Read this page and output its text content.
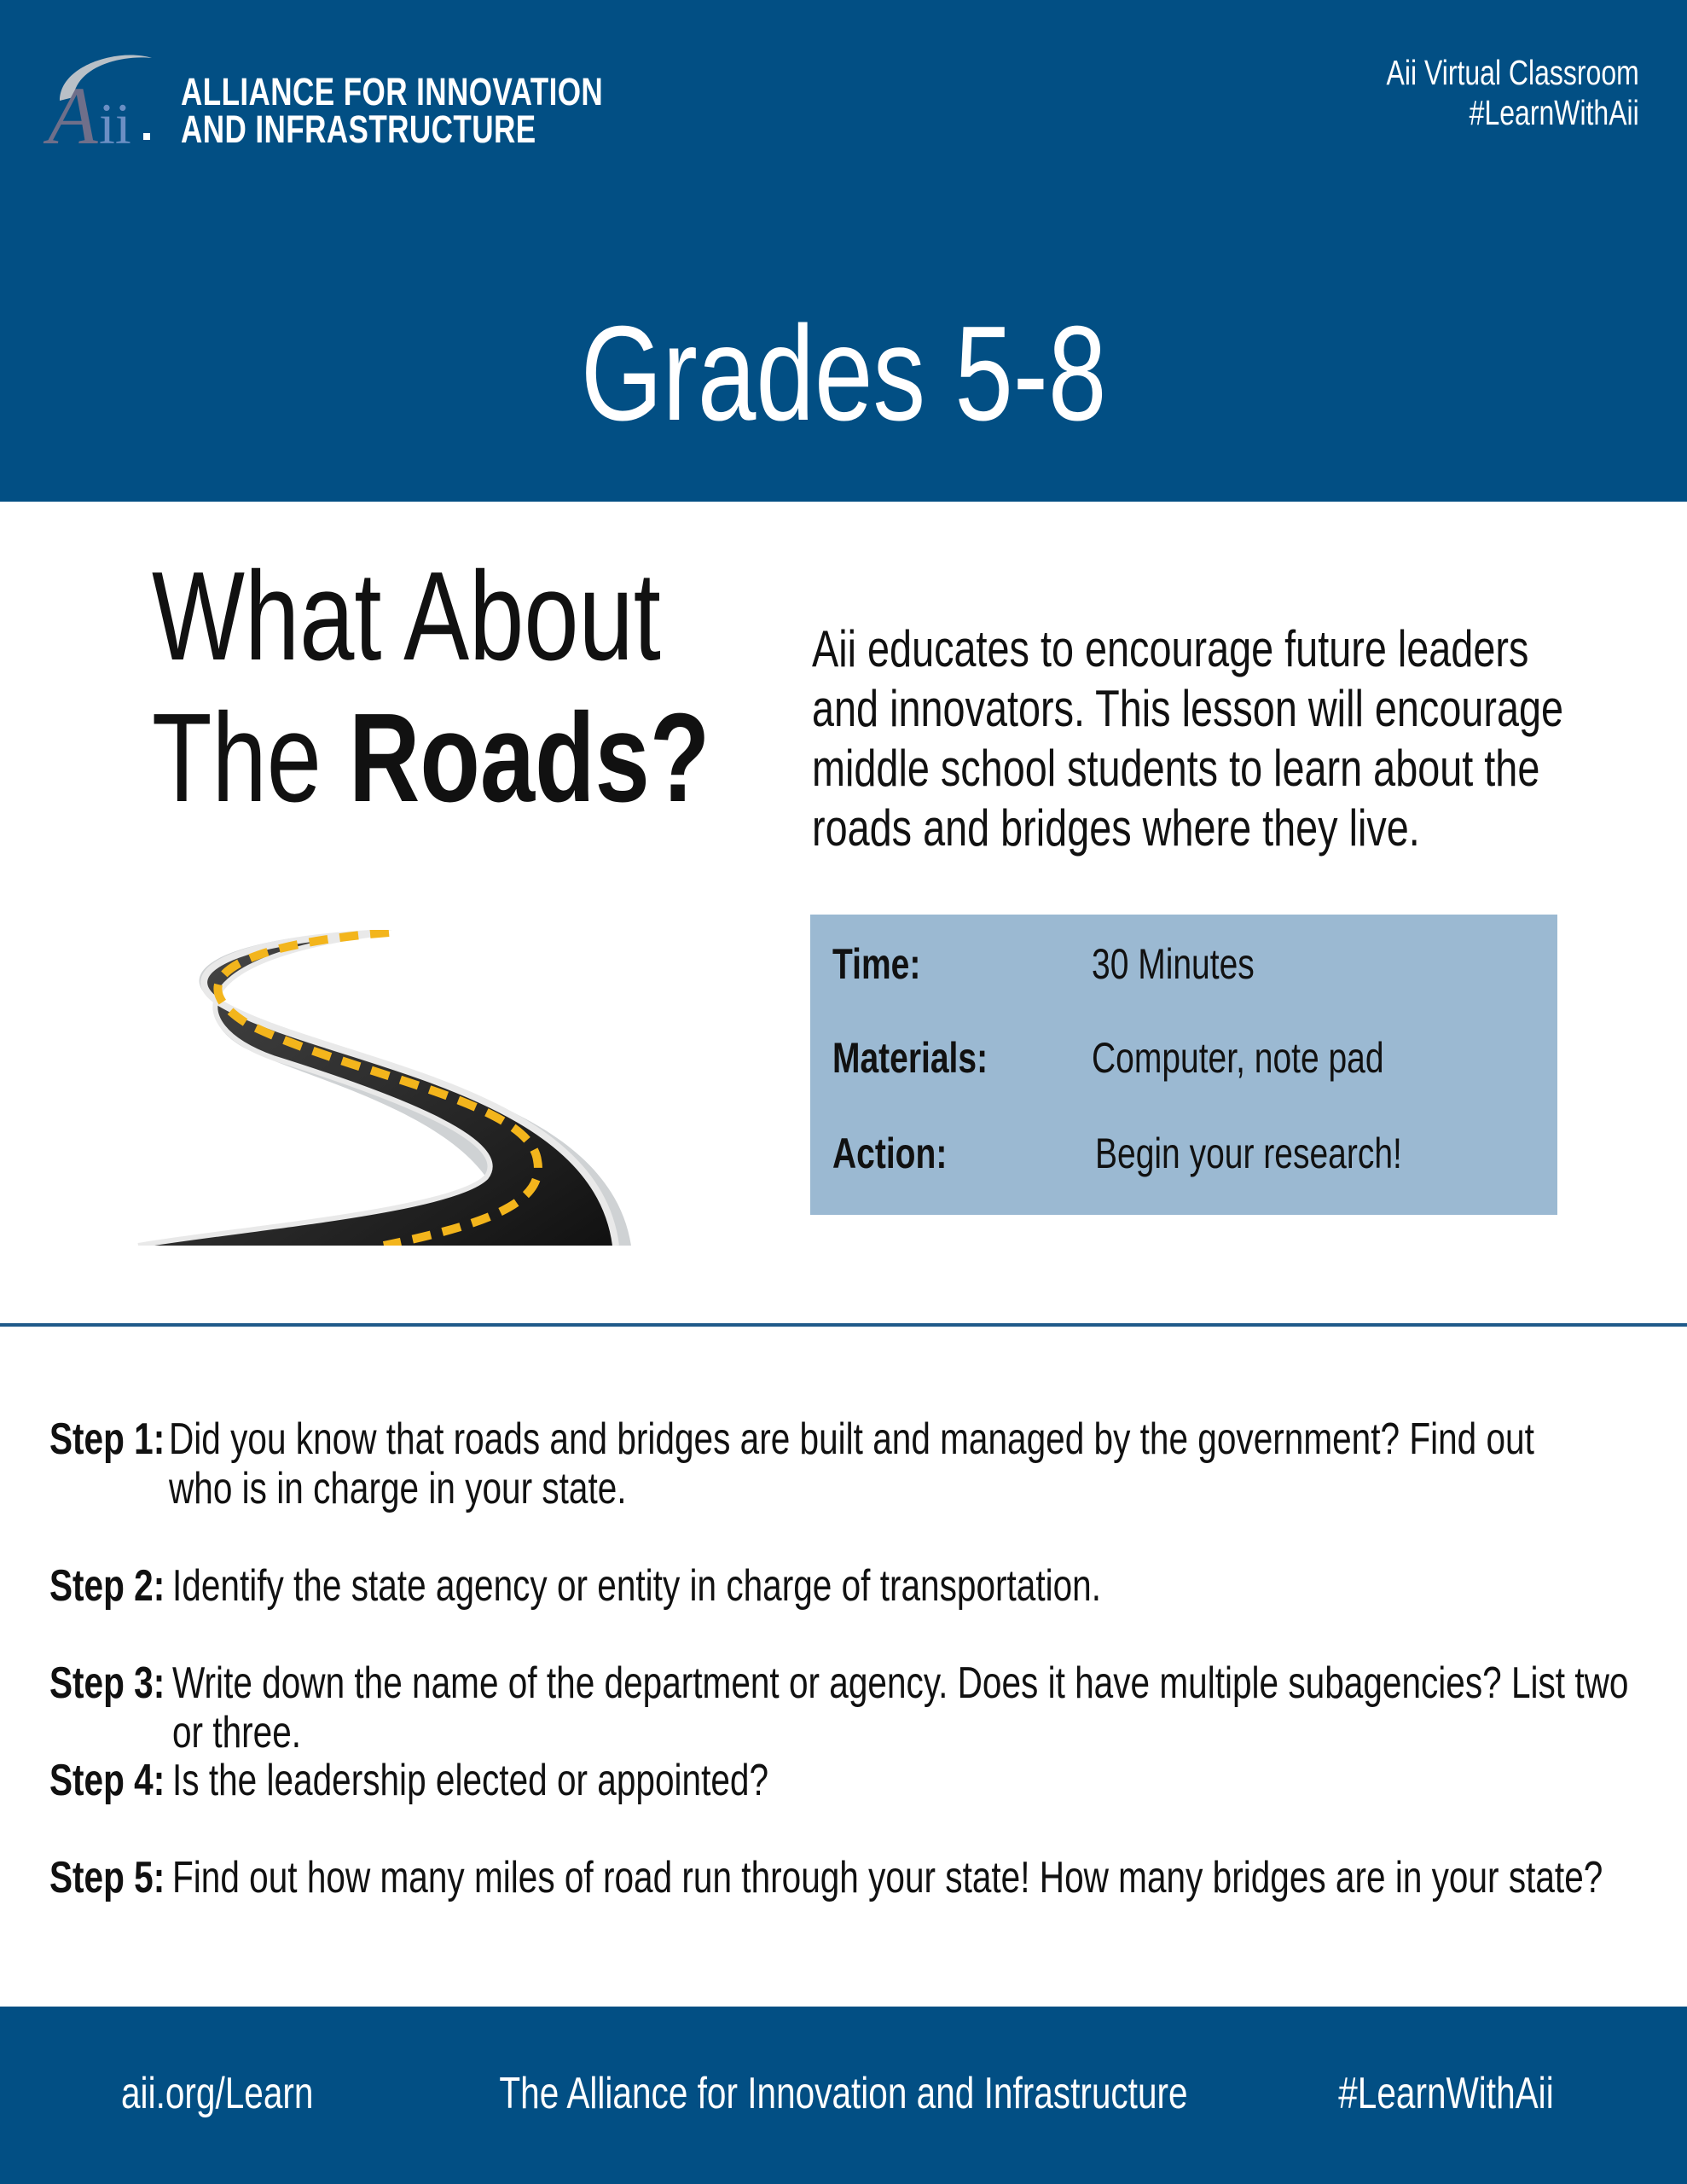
A ii ALLIANCE FOR INNOVATION
AND INFRASTRUCTURE
Aii Virtual Classroom
#LearnWithAii
Grades 5-8
What About
The Roads?

Aii educates to encourage future leaders and innovators. This lesson will encourage middle school students to learn about the roads and bridges where they live.

Time:	30 Minutes
Materials: Computer, note pad
Action:	Begin your research!
Step 1: Did you know that roads and bridges are built and managed by the government? Find out who is in charge in your state.
Step 2: Identify the state agency or entity in charge of transportation.
Step 3: Write down the name of the department or agency. Does it have multiple subagencies? List two or three.
Step 4: Is the leadership elected or appointed?
Step 5: Find out how many miles of road run through your state! How many bridges are in your state?
aii.org/Learn	The Alliance for Innovation and Infrastructure	#LearnWithAii
